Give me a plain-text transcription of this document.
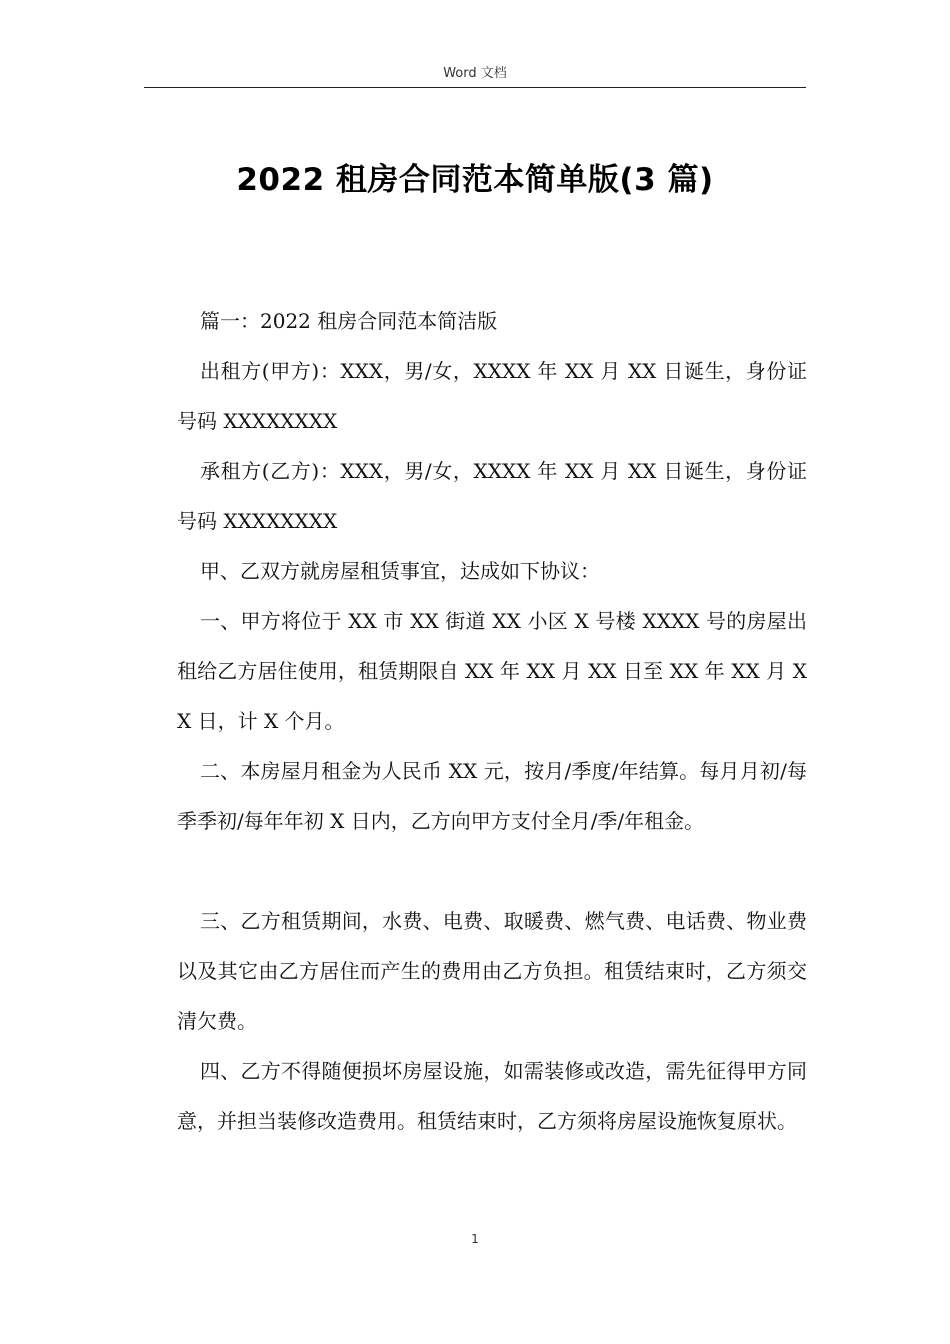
Word 文档
2022 租房合同范本简单版(3 篇)

篇一：2022 租房合同范本简洁版

出租方(甲方)：XXX，男/女，XXXX 年 XX 月 XX 日诞生，身份证号码 XXXXXXXX

承租方(乙方)：XXX，男/女，XXXX 年 XX 月 XX 日诞生，身份证号码 XXXXXXXX

甲、乙双方就房屋租赁事宜，达成如下协议：

一、甲方将位于 XX 市 XX 街道 XX 小区 X 号楼 XXXX 号的房屋出租给乙方居住使用，租赁期限自 XX 年 XX 月 XX 日至 XX 年 XX 月 XX 日，计 X 个月。

二、本房屋月租金为人民币 XX 元，按月/季度/年结算。每月月初/每季季初/每年年初 X 日内，乙方向甲方支付全月/季/年租金。

三、乙方租赁期间，水费、电费、取暖费、燃气费、电话费、物业费以及其它由乙方居住而产生的费用由乙方负担。租赁结束时，乙方须交清欠费。

四、乙方不得随便损坏房屋设施，如需装修或改造，需先征得甲方同意，并担当装修改造费用。租赁结束时，乙方须将房屋设施恢复原状。

1
